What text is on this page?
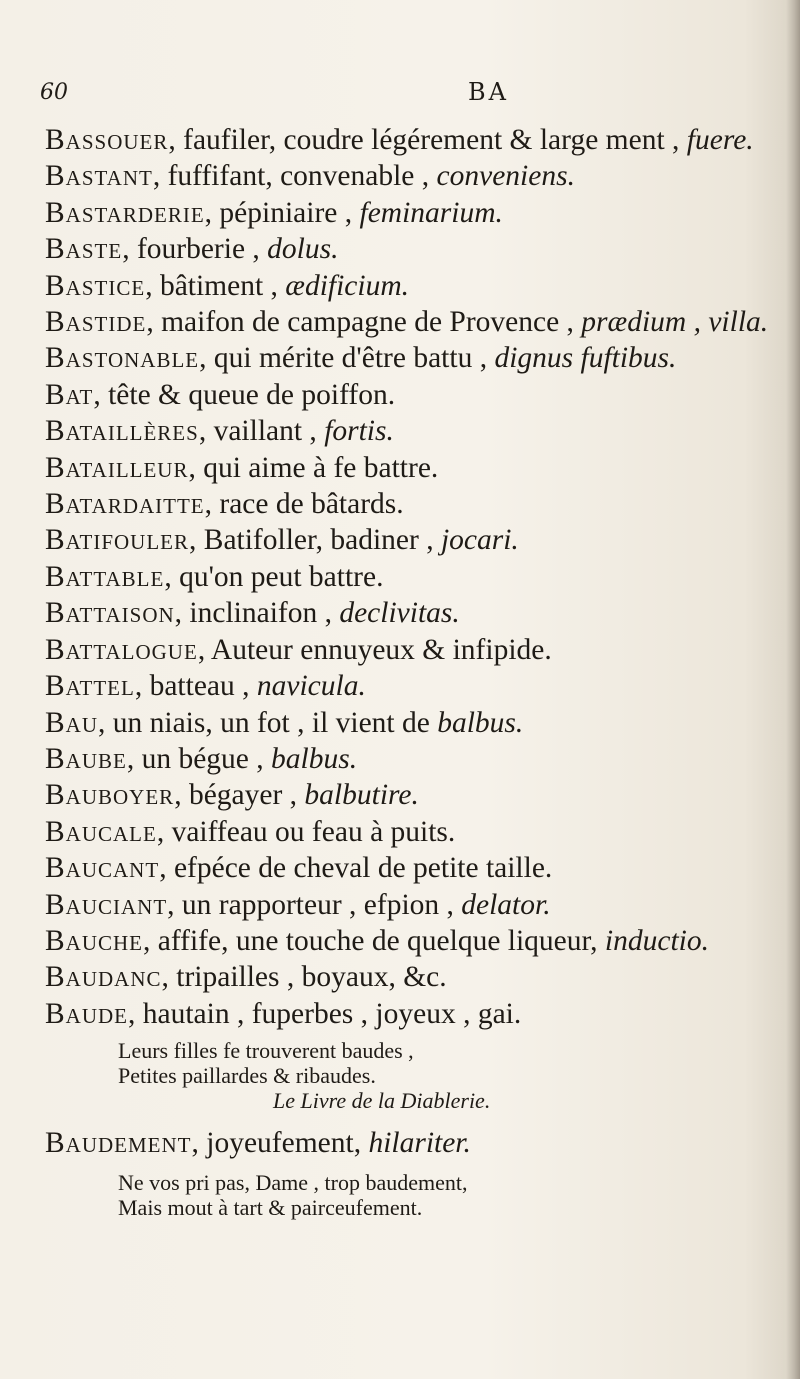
60	BA
Bassouer, faufiler, coudre légérement & large ment , fuere.
Bastant, fuffifant, convenable , conveniens.
Bastarderie, pépiniaire , feminarium.
Baste, fourberie , dolus.
Bastice, bâtiment , ædificium.
Bastide, maifon de campagne de Provence , prædium , villa.
Bastonable, qui mérite d'être battu , dignus fuftibus.
Bat, tête & queue de poiffon.
Bataillères, vaillant , fortis.
Batailleur, qui aime à fe battre.
Batardaitte, race de bâtards.
Batifouler, Batifoller, badiner , jocari.
Battable, qu'on peut battre.
Battaison, inclinaifon , declivitas.
Battalogue, Auteur ennuyeux & infipide.
Battel, batteau , navicula.
Bau, un niais, un fot , il vient de balbus.
Baube, un bégue , balbus.
Bauboyer, bégayer , balbutire.
Baucale, vaiffeau ou feau à puits.
Baucant, efpéce de cheval de petite taille.
Bauciant, un rapporteur , efpion , delator.
Bauche, affife, une touche de quelque liqueur, inductio.
Baudanc, tripailles , boyaux, &c.
Baude, hautain , fuperbes , joyeux , gai.
Leurs filles fe trouverent baudes ,
Petites paillardes & ribaudes.
Le Livre de la Diablerie.
Baudement, joyeufement, hilariter.
Ne vos pri pas, Dame , trop baudement,
Mais mout à tart & pairceufement.
